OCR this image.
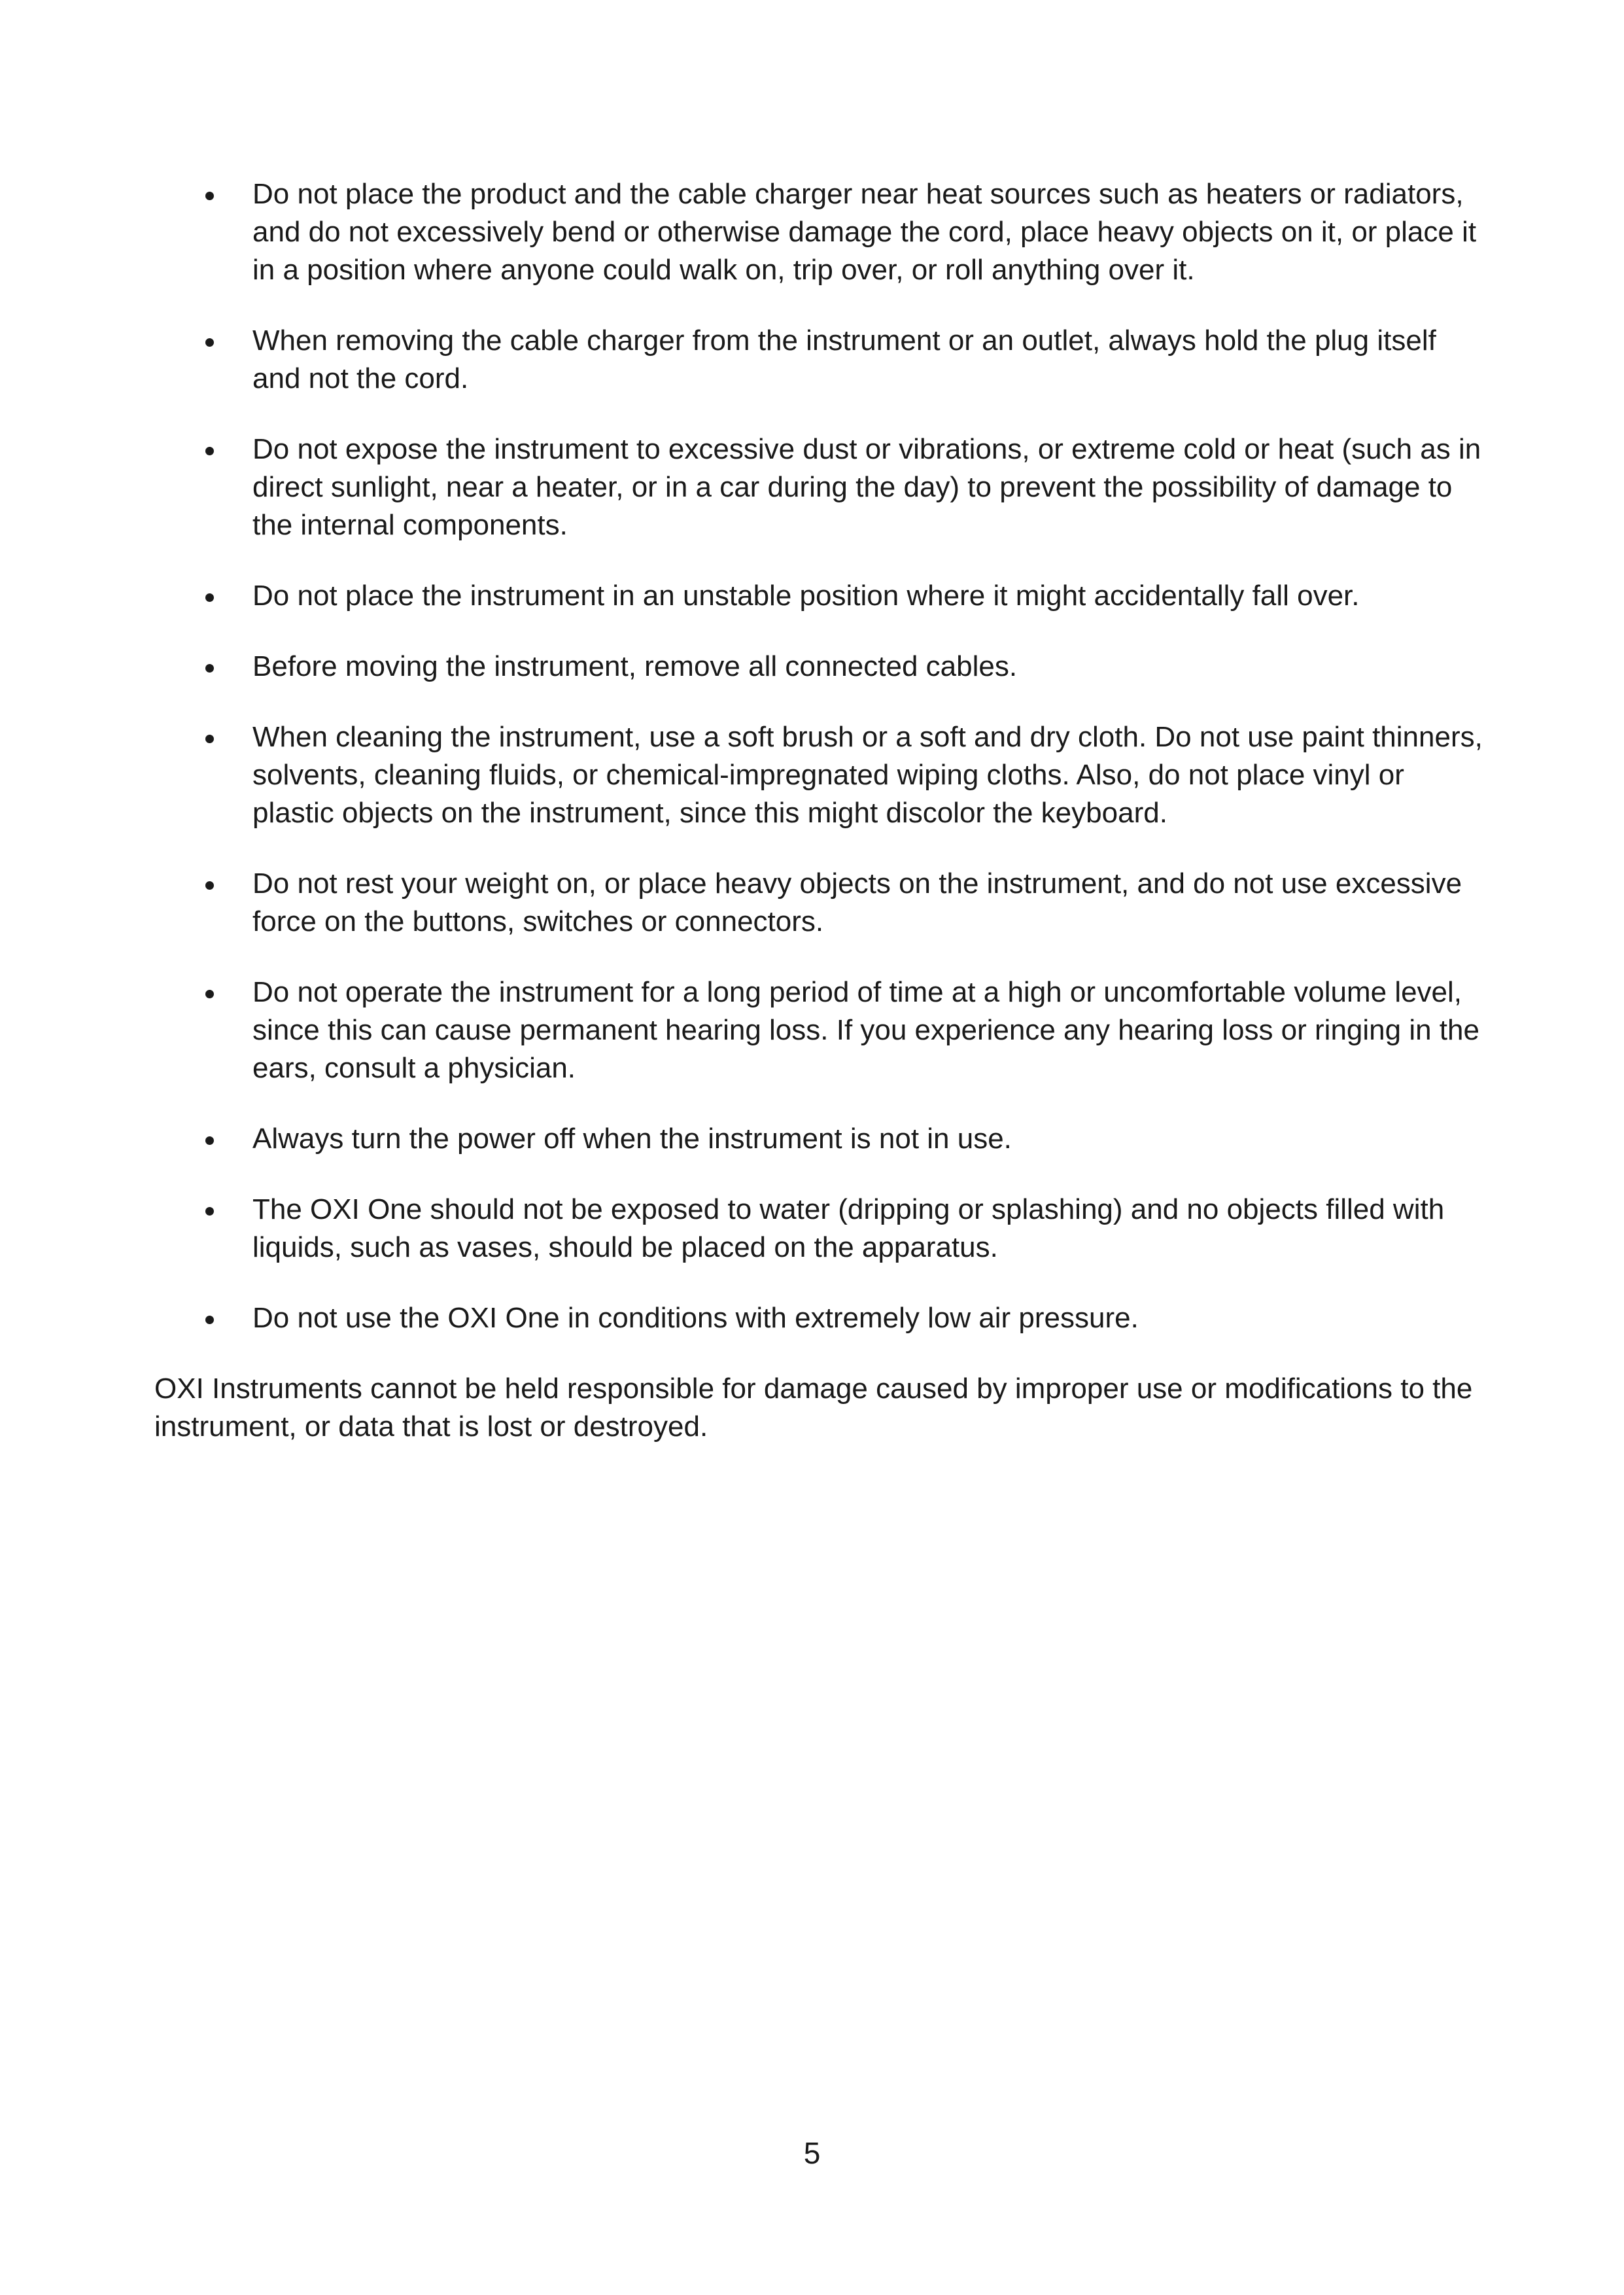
Do not place the product and the cable charger near heat sources such as heaters or radiators, and do not excessively bend or otherwise damage the cord, place heavy objects on it, or place it in a position where anyone could walk on, trip over, or roll anything over it.
When removing the cable charger from the instrument or an outlet, always hold the plug itself and not the cord.
Do not expose the instrument to excessive dust or vibrations, or extreme cold or heat (such as in direct sunlight, near a heater, or in a car during the day) to prevent the possibility of damage to the internal components.
Do not place the instrument in an unstable position where it might accidentally fall over.
Before moving the instrument, remove all connected cables.
When cleaning the instrument, use a soft brush or a soft and dry cloth. Do not use paint thinners, solvents, cleaning fluids, or chemical-impregnated wiping cloths. Also, do not place vinyl or plastic objects on the instrument, since this might discolor the keyboard.
Do not rest your weight on, or place heavy objects on the instrument, and do not use excessive force on the buttons, switches or connectors.
Do not operate the instrument for a long period of time at a high or uncomfortable volume level, since this can cause permanent hearing loss. If you experience any hearing loss or ringing in the ears, consult a physician.
Always turn the power off when the instrument is not in use.
The OXI One should not be exposed to water (dripping or splashing) and no objects filled with liquids, such as vases, should be placed on the apparatus.
Do not use the OXI One in conditions with extremely low air pressure.

OXI Instruments cannot be held responsible for damage caused by improper use or modifications to the instrument, or data that is lost or destroyed.

5
